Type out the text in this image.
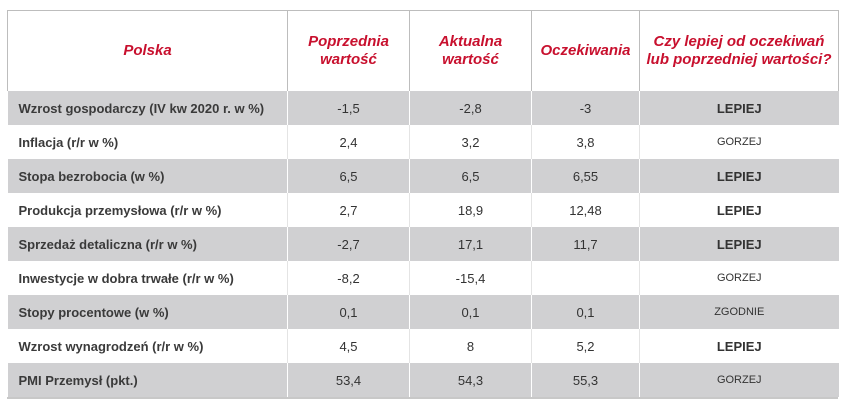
Polska	Poprzednia wartość	Aktualna wartość	Oczekiwania	Czy lepiej od oczekiwań lub poprzedniej wartości?
Wzrost gospodarczy (IV kw 2020 r. w %)	-1,5	-2,8	-3	LEPIEJ
Inflacja (r/r w %)	2,4	3,2	3,8	GORZEJ
Stopa bezrobocia (w %)	6,5	6,5	6,55	LEPIEJ
Produkcja przemysłowa (r/r w %)	2,7	18,9	12,48	LEPIEJ
Sprzedaż detaliczna (r/r w %)	-2,7	17,1	11,7	LEPIEJ
Inwestycje w dobra trwałe (r/r w %)	-8,2	-15,4		GORZEJ
Stopy procentowe (w %)	0,1	0,1	0,1	ZGODNIE
Wzrost wynagrodzeń (r/r w %)	4,5	8	5,2	LEPIEJ
PMI Przemysł (pkt.)	53,4	54,3	55,3	GORZEJ
